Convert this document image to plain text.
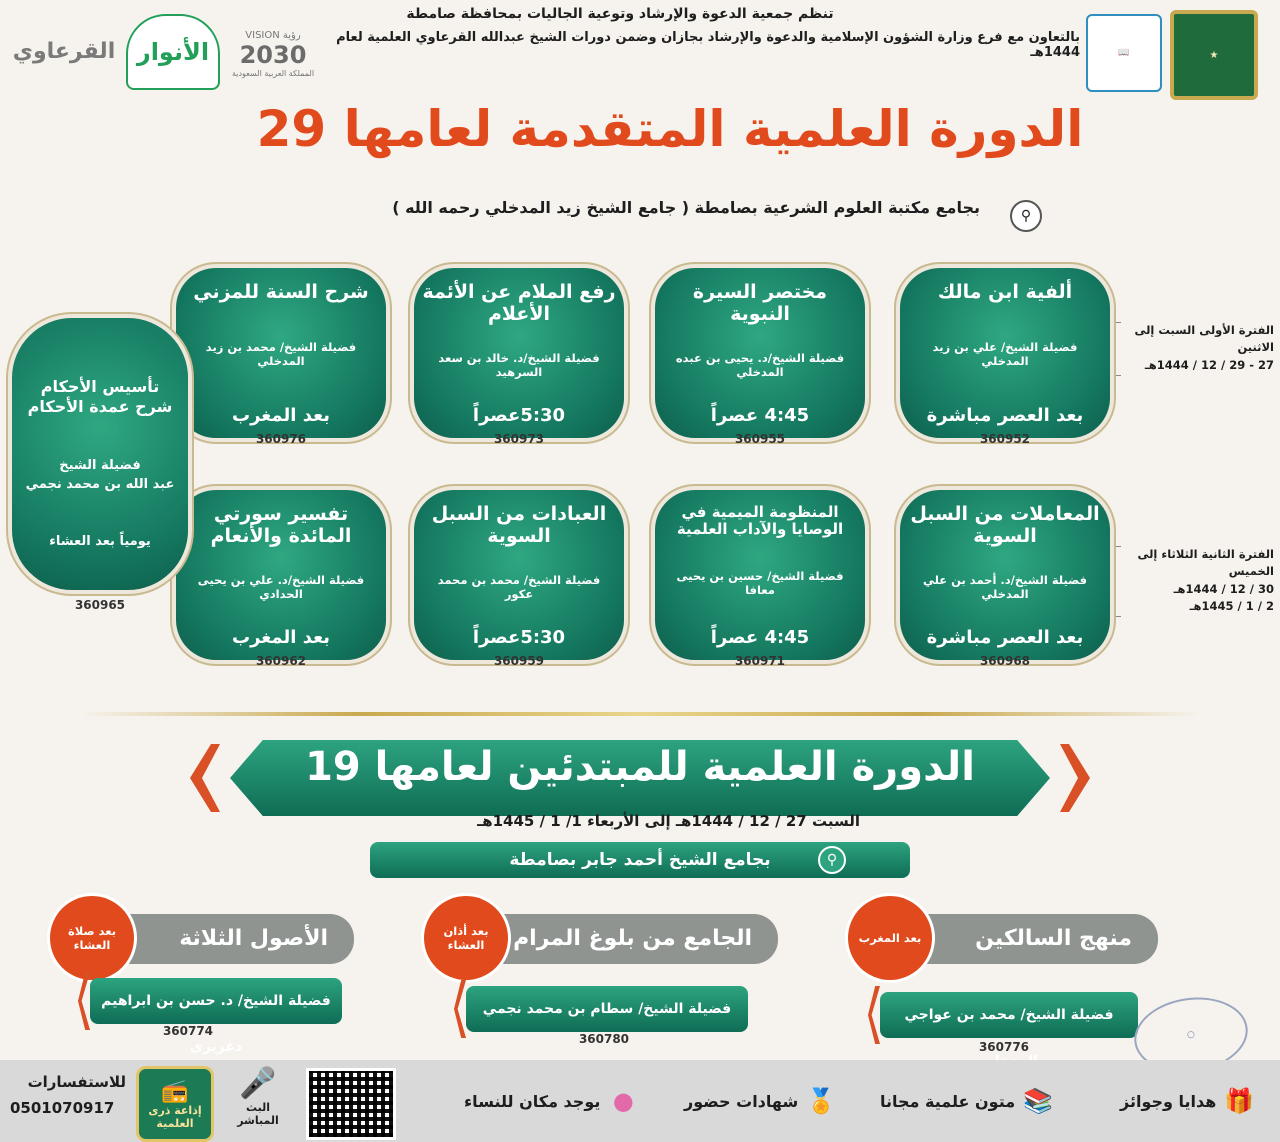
تنظم جمعية الدعوة والإرشاد وتوعية الجاليات بمحافظة صامطة
بالتعاون مع فرع وزارة الشؤون الإسلامية والدعوة والإرشاد بجازان وضمن دورات الشيخ عبدالله القرعاوي العلمية لعام 1444هـ	★
📖
VISION رؤية
2030
المملكة العربية السعودية
الأنوار
القرعاوي
الدورة العلمية المتقدمة لعامها 29
بجامع مكتبة العلوم الشرعية بصامطة ( جامع الشيخ زيد المدخلي رحمه الله )	⚲
الفترة الأولى السبت إلى الاثنين
27 - 29 / 12 / 1444هـ
الفترة الثانية الثلاثاء إلى الخميس
30 / 12 / 1444هـ
2 / 1 / 1445هـ
ألفية ابن مالك
فضيلة الشيخ/ علي بن زيد المدخلي
بعد العصر مباشرة
360952
مختصر السيرة النبوية
فضيلة الشيخ/د. يحيى بن عبده المدخلي
4:45 عصراً
360955
رفع الملام عن الأئمة الأعلام
فضيلة الشيخ/د. خالد بن سعد السرهيد
5:30عصراً
360973
شرح السنة للمزني
فضيلة الشيخ/ محمد بن زيد المدخلي
بعد المغرب
360976
المعاملات من السبل السوية
فضيلة الشيخ/د. أحمد بن علي المدخلي
بعد العصر مباشرة
360968
المنظومة الميمية في الوصايا والآداب العلمية
فضيلة الشيخ/ حسين بن يحيى معافا
4:45 عصراً
360971
العبادات من السبل السوية
فضيلة الشيخ/ محمد بن محمد عكور
5:30عصراً
360959
تفسير سورتي المائدة والأنعام
فضيلة الشيخ/د. علي بن يحيى الحدادي
بعد المغرب
360962
تأسيس الأحكام
شرح عمدة الأحكام
فضيلة الشيخ
عبد الله بن محمد نجمي
يومياً بعد العشاء
360965
الدورة العلمية للمبتدئين لعامها 19
السبت 27 / 12 / 1444هـ إلى الأربعاء 1/ 1 / 1445هـ
بجامع الشيخ أحمد جابر بصامطة	⚲
منهج السالكين
بعد المغرب
فضيلة الشيخ/ محمد بن عواجي
360776
الجامع من بلوغ المرام
بعد أذان العشاء
فضيلة الشيخ/ سطام بن محمد نجمي
360780
الأصول الثلاثة
بعد صلاة العشاء
فضيلة الشيخ/ د. حسن بن ابراهيم دغريري
360774	○
🎁
هدايا وجوائز
📚
متون علمية مجانا
🏅
شهادات حضور
●
يوجد مكان للنساء
🎤
البث المباشر
📻
إذاعة ذرى العلمية
للاستفسارات
0501070917
